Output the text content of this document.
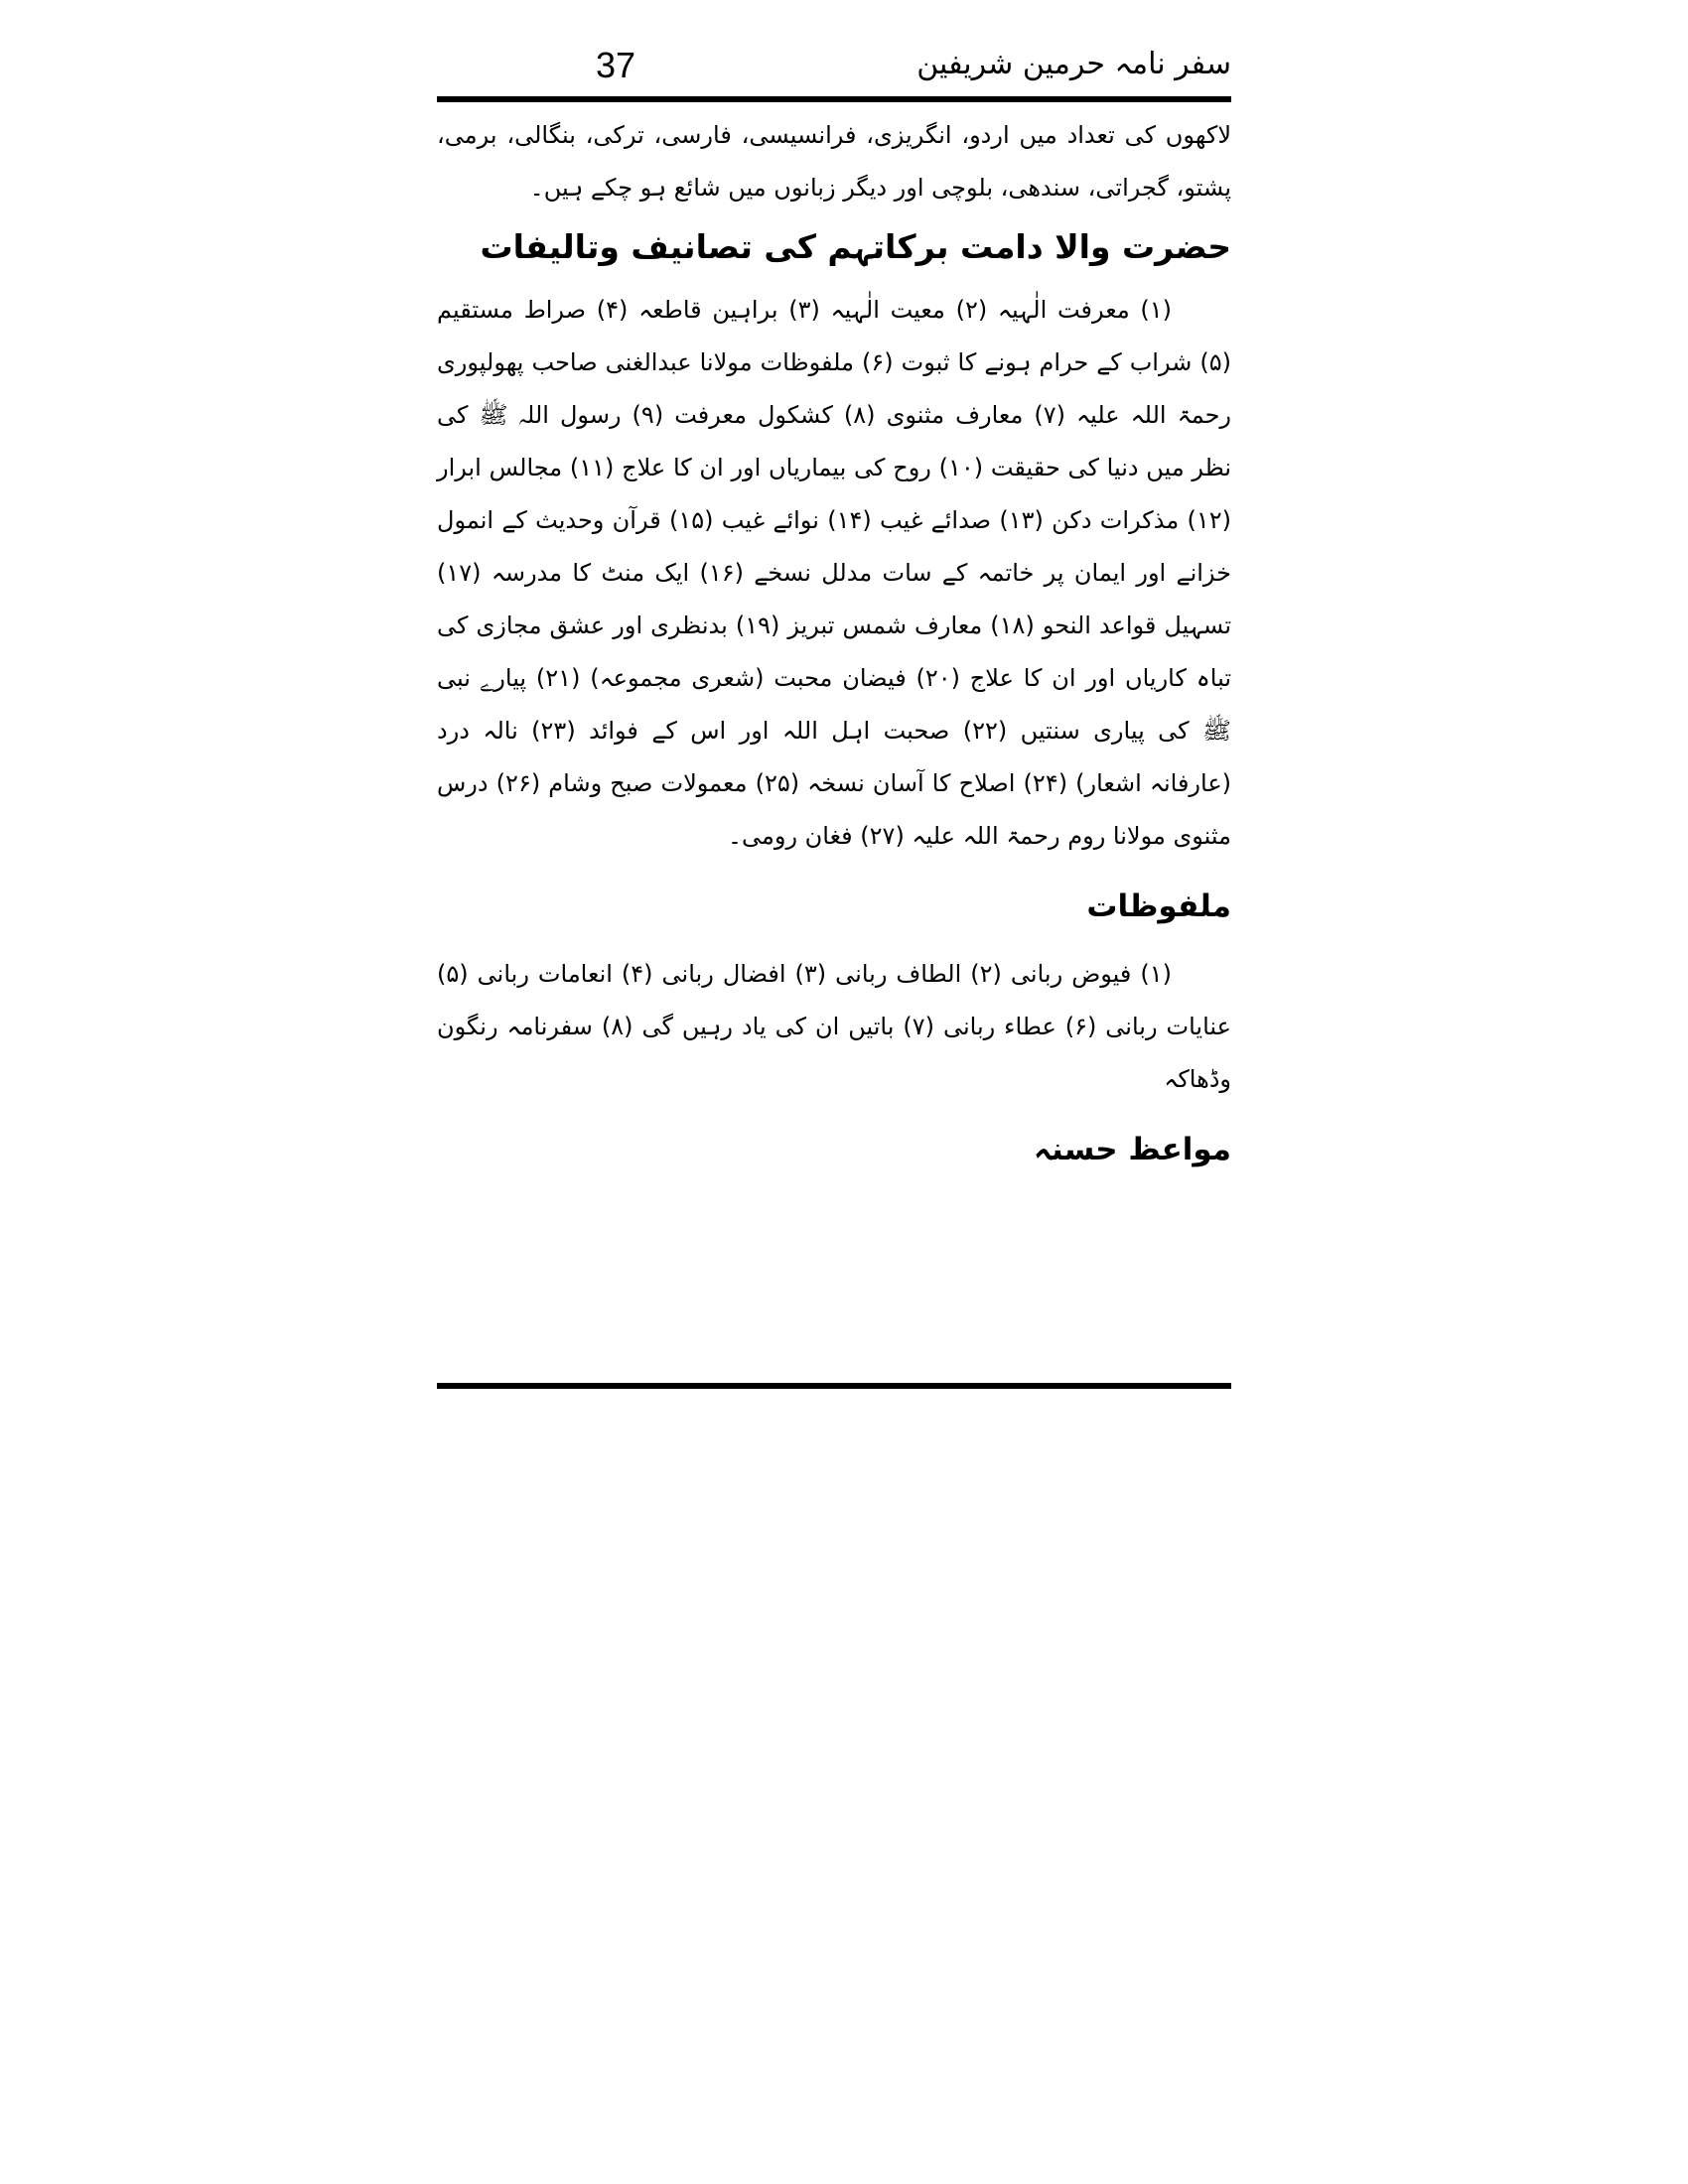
37	سفر نامہ حرمین شریفین

لاکھوں کی تعداد میں اردو، انگریزی، فرانسیسی، فارسی، ترکی، بنگالی، برمی، پشتو، گجراتی، سندھی، بلوچی اور دیگر زبانوں میں شائع ہو چکے ہیں۔

حضرت والا دامت برکاتہم کی تصانیف وتالیفات

(۱) معرفت الٰہیہ (۲) معیت الٰہیہ (۳) براہین قاطعہ (۴) صراط مستقیم (۵) شراب کے حرام ہونے کا ثبوت (۶) ملفوظات مولانا عبدالغنی صاحب پھولپوری رحمۃ اللہ علیہ (۷) معارف مثنوی (۸) کشکول معرفت (۹) رسول اللہ ﷺ کی نظر میں دنیا کی حقیقت (۱۰) روح کی بیماریاں اور ان کا علاج (۱۱) مجالس ابرار (۱۲) مذکرات دکن (۱۳) صدائے غیب (۱۴) نوائے غیب (۱۵) قرآن وحدیث کے انمول خزانے اور ایمان پر خاتمہ کے سات مدلل نسخے (۱۶) ایک منٹ کا مدرسہ (۱۷) تسہیل قواعد النحو (۱۸) معارف شمس تبریز (۱۹) بدنظری اور عشق مجازی کی تباہ کاریاں اور ان کا علاج (۲۰) فیضان محبت (شعری مجموعہ) (۲۱) پیارے نبی ﷺ کی پیاری سنتیں (۲۲) صحبت اہل اللہ اور اس کے فوائد (۲۳) نالہ درد (عارفانہ اشعار) (۲۴) اصلاح کا آسان نسخہ (۲۵) معمولات صبح وشام (۲۶) درس مثنوی مولانا روم رحمۃ اللہ علیہ (۲۷) فغان رومی۔

ملفوظات

(۱) فیوض ربانی (۲) الطاف ربانی (۳) افضال ربانی (۴) انعامات ربانی (۵) عنایات ربانی (۶) عطاء ربانی (۷) باتیں ان کی یاد رہیں گی (۸) سفرنامہ رنگون وڈھاکہ

مواعظ حسنہ
